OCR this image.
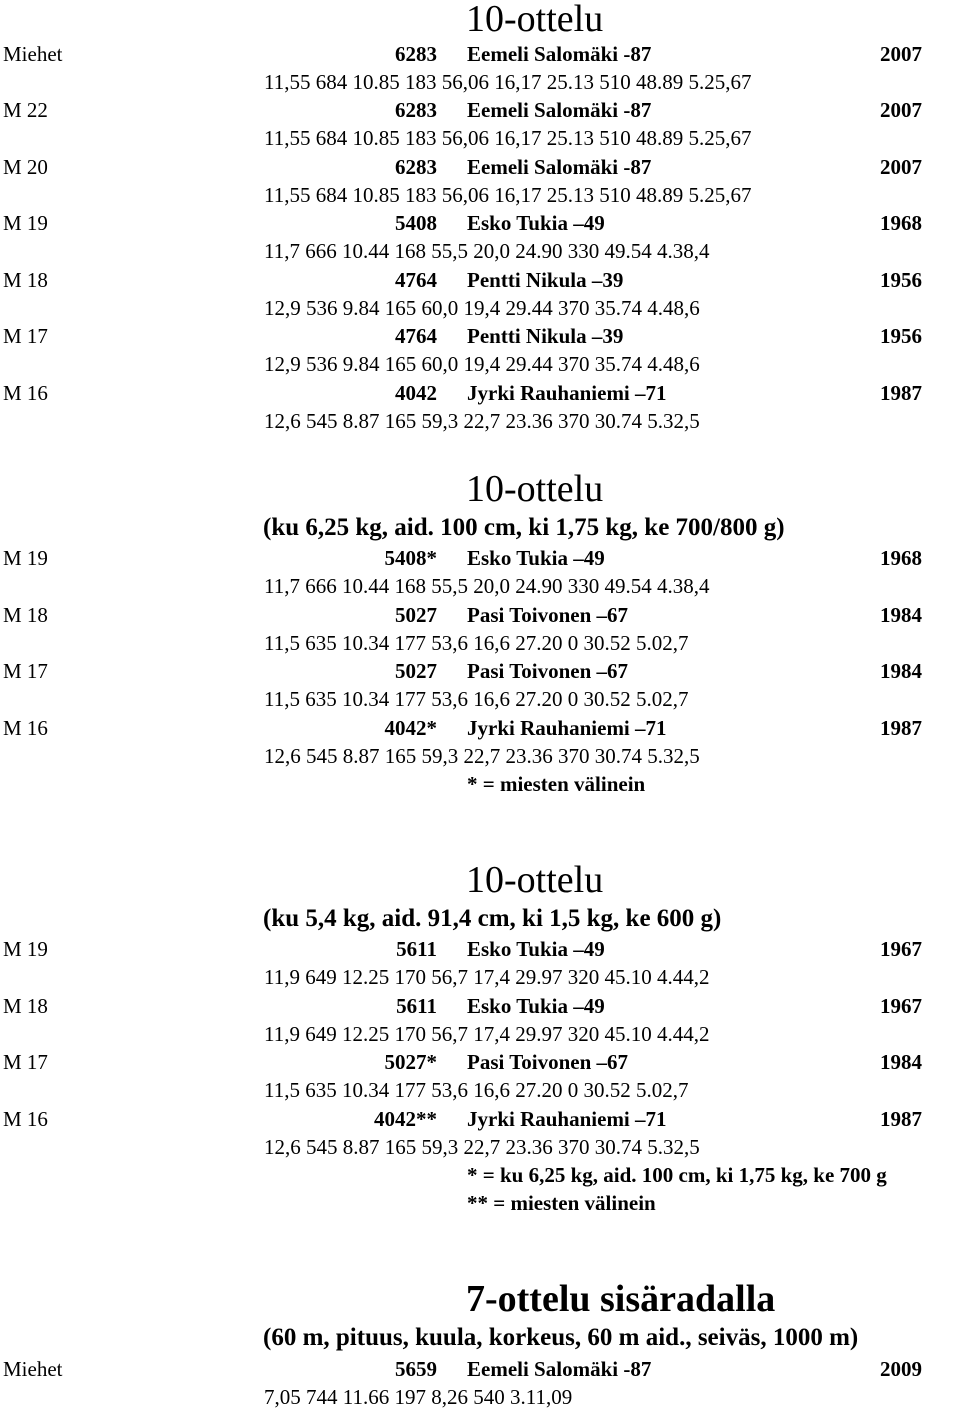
10-ottelu
Miehet	6283 Eemeli Salomäki -87	2007
11,55 684 10.85 183 56,06 16,17 25.13 510 48.89 5.25,67
M 22	6283 Eemeli Salomäki -87	2007
11,55 684 10.85 183 56,06 16,17 25.13 510 48.89 5.25,67
M 20	6283 Eemeli Salomäki -87	2007
11,55 684 10.85 183 56,06 16,17 25.13 510 48.89 5.25,67
M 19	5408 Esko Tukia –49	1968
11,7 666 10.44 168 55,5 20,0 24.90 330 49.54 4.38,4
M 18	4764 Pentti Nikula –39	1956
12,9 536 9.84 165 60,0 19,4 29.44 370 35.74 4.48,6
M 17	4764 Pentti Nikula –39	1956
12,9 536 9.84 165 60,0 19,4 29.44 370 35.74 4.48,6
M 16	4042 Jyrki Rauhaniemi –71	1987
12,6 545 8.87 165 59,3 22,7 23.36 370 30.74 5.32,5
10-ottelu

(ku 6,25 kg, aid. 100 cm, ki 1,75 kg, ke 700/800 g)

M 19	5408* Esko Tukia –49	1968
11,7 666 10.44 168 55,5 20,0 24.90 330 49.54 4.38,4
M 18	5027 Pasi Toivonen –67	1984
11,5 635 10.34 177 53,6 16,6 27.20 0 30.52 5.02,7
M 17	5027 Pasi Toivonen –67	1984
11,5 635 10.34 177 53,6 16,6 27.20 0 30.52 5.02,7
M 16	4042* Jyrki Rauhaniemi –71	1987
12,6 545 8.87 165 59,3 22,7 23.36 370 30.74 5.32,5

* = miesten välinein

10-ottelu

(ku 5,4 kg, aid. 91,4 cm, ki 1,5 kg, ke 600 g)

M 19	5611 Esko Tukia –49	1967
11,9 649 12.25 170 56,7 17,4 29.97 320 45.10 4.44,2
M 18	5611 Esko Tukia –49	1967
11,9 649 12.25 170 56,7 17,4 29.97 320 45.10 4.44,2
M 17	5027* Pasi Toivonen –67	1984
11,5 635 10.34 177 53,6 16,6 27.20 0 30.52 5.02,7
M 16	4042** Jyrki Rauhaniemi –71	1987
12,6 545 8.87 165 59,3 22,7 23.36 370 30.74 5.32,5

* = ku 6,25 kg, aid. 100 cm, ki 1,75 kg, ke 700 g

** = miesten välinein

7-ottelu sisäradalla

(60 m, pituus, kuula, korkeus, 60 m aid., seiväs, 1000 m)

Miehet	5659 Eemeli Salomäki -87	2009
7,05 744 11.66 197 8,26 540 3.11,09
